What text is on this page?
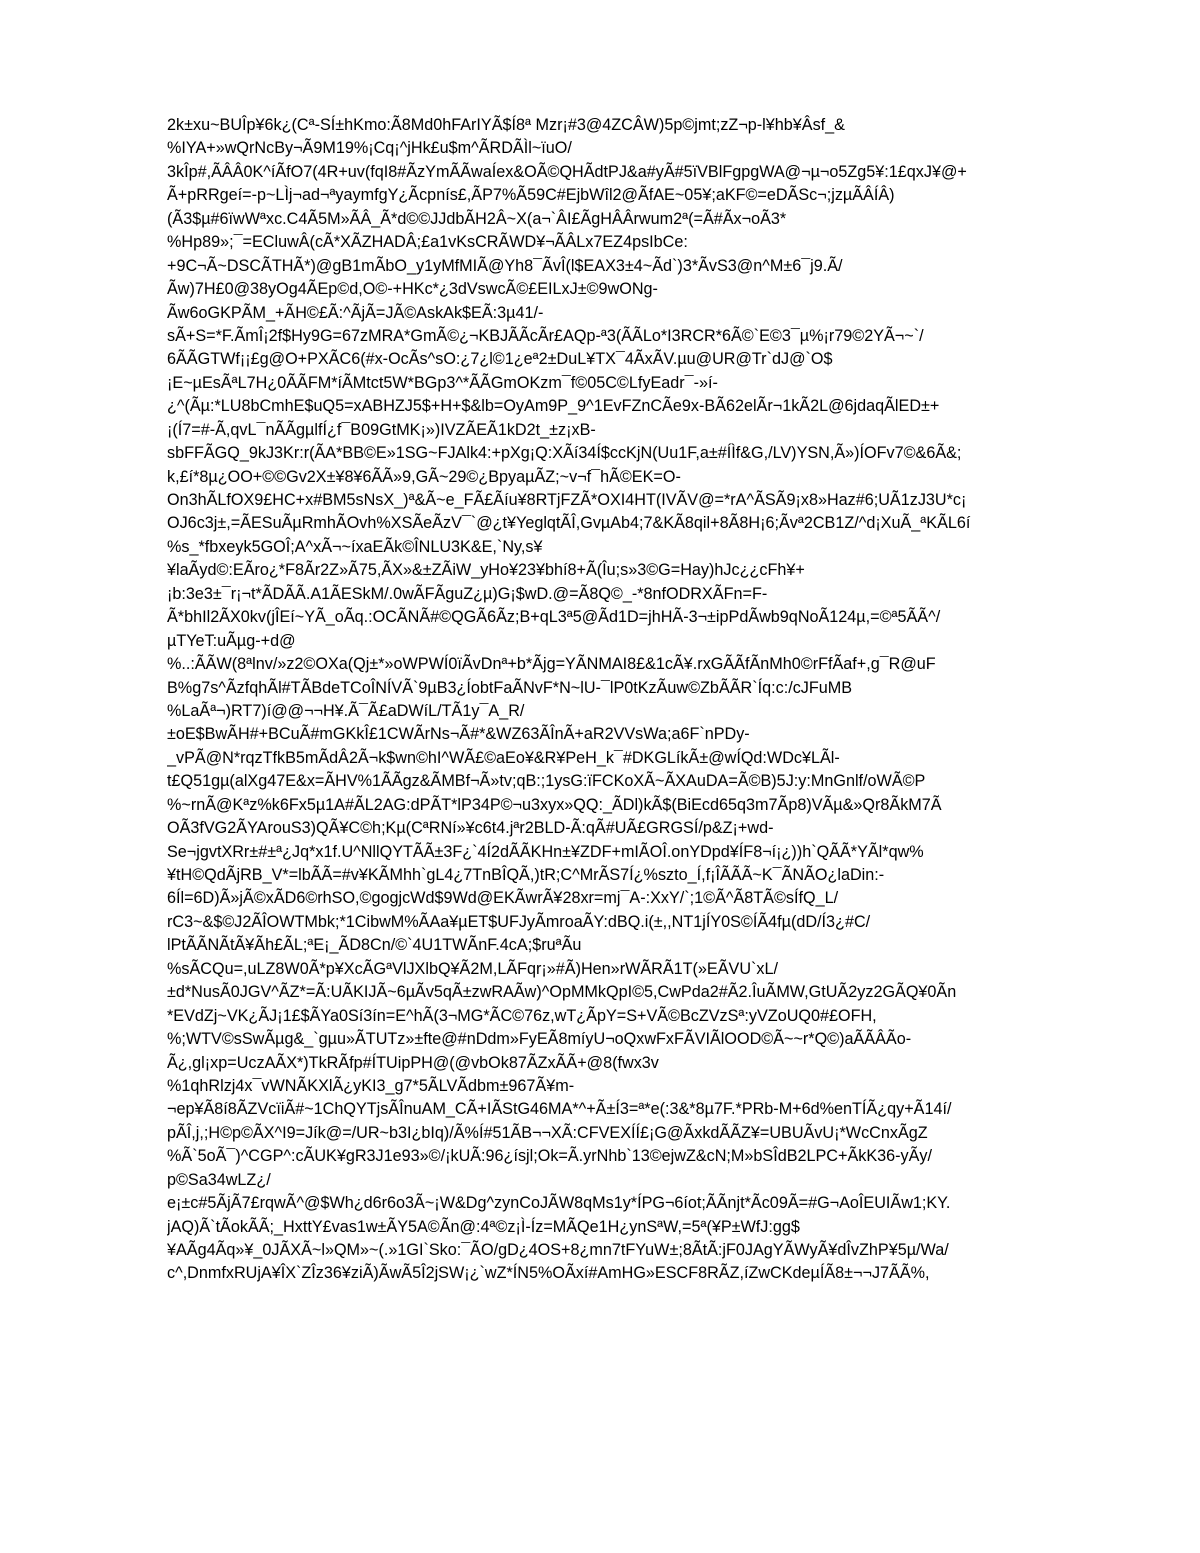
2k±xu~BUÎp¥6k¿(Cª-SÍ±hKmo:Ã8Md0hFArIYÃ$Í8ª Mzr¡#3@4ZCÂW)5p©jmt;zZ¬p-l¥hb¥Âsf_&
%IYA+»wQrNcBy¬Ã9M19%¡Cq¡^jHk£u$m^ÃRDÃÌl~ïuO/
3kÎp#,ÃÂÂ0K^íÃfO7(4R+uv(fqI8#ÃzYmÃÃwaÍex&OÃ©QHÃdtPJ&a#yÃ#5ïVBlFgpgWA@¬µ¬o5Zg5¥:1£qxJ¥@+
Ã+pRRgeí=-p~LÌj¬ad¬ªyaymfgY¿Ãcpnís£,ÃP7%Ã59C#EjbWîl2@ÃfAE~05¥;aKF©=eDÃSc¬;jzµÃÂÍÂ)
(Ã3$µ#6ïwWªxc.C4Ã5M»ÃÂ_Ã*d©©JJdbÃH2Â~X(a¬`ÂI£ÃgHÂÂrwum2ª(=Ã#Ãx¬oÃ3*
%Hp89»;¯=ECluwÂ(cÃ*XÃZHADÂ;£a1vKsCRÃWD¥¬ÃÂLx7EZ4psIbCe:
+9C¬Ã~DSCÃTHÃ*)@gB1mÃbO_y1yMfMIÃ@Yh8¯ÃvÎ(l$EAX3±4~Ãd`)3*ÃvS3@n^M±6¯j9.Ã/
Ãw)7H£0@38yOg4ÃEp©d,O©-+HKc*¿3dVswcÃ©£EILxJ±©9wONg-
Ãw6oGKPÃM_+ÃH©£Ã:^ÃjÃ=JÃ©AskAk$EÃ:3µ41/-
sÃ+S=*F.ÃmÎ¡2f$Hy9G=67zMRA*GmÃ©¿¬KBJÃÃcÃr£AQp-ª3(ÃÃLo*I3RCR*6Ã©`E©3¯µ%¡r79©2YÃ¬~`/
6ÃÃGTWf¡¡£g@O+PXÃC6(#x-OcÃs^sO:¿7¿l©1¿eª2±DuL¥TX¯4ÃxÃV.µu@UR@Tr`dJ@`O$
¡E~µEsÃªL7H¿0ÃÃFM*íÃMtct5W*BGp3^*ÃÃGmOKzm¯f©05C©LfyEadr¯-»í-
¿^(Ãµ:*LU8bCmhE$uQ5=xABHZJ5$+H+$&lb=OyAm9P_9^1EvFZnCÃe9x-BÃ62elÃr¬1kÃ2L@6jdaqÃlED±+
¡(Í7=#-Ã,qvL¯nÃÃgµlfÍ¿f¯B09GtMK¡»)IVZÃEÃ1kD2t_±z¡xB-
sbFFÃGQ_9kJ3Kr:r(ÃA*BB©E»1SG~FJAlk4:+pXg¡Q:XÃí34Í$ccKjN(Uu1F,a±#ÍÌf&G,/LV)YSN,Ã»)ÍOFv7©&6Ã&;
k,£í*8µ¿OO+©©Gv2X±¥8¥6ÃÃ»9,GÃ~29©¿BpyaµÃZ;~v¬f¯hÃ©EK=O-
On3hÃLfOX9£HC+x#BM5sNsX_)ª&Ã~e_FÃ£Ãíu¥8RTjFZÃ*OXI4HT(IVÃV@=*rA^ÃSÃ9¡x8»Haz#6;UÃ1zJ3U*c¡
OJ6c3j±,=ÃESuÃµRmhÃOvh%XSÃeÃzV¯`@¿t¥YeglqtÃÎ,GvµAb4;7&KÃ8qil+8Ã8H¡6;Ãvª2CB1Z/^d¡XuÃ_ªKÃL6í
%s_*fbxeyk5GOÎ;A^xÃ¬~íxaEÃk©ÎNLU3K&E,`Ny,s¥
¥laÃyd©:EÃro¿*F8Ãr2Z»Ã75,ÃX»&±ZÃiW_yHo¥23¥bhí8+Ã(Îu;s»3©G=Hay)hJc¿¿cFh¥+
¡b:3e3±¯r¡¬t*ÃDÃÃ.A1ÃESkM/.0wÃFÃguZ¿µ)G¡$wD.@=Ã8Q©_-*8nfODRXÃFn=F-
Ã*bhIl2ÃX0kv(jÎEí~YÃ_oÃq.:OCÃNÃ#©QGÃ6Ãz;B+qL3ª5@Ãd1D=jhHÃ-3¬±ipPdÃwb9qNoÃ124µ,=©ª5ÃÃ^/
µTYeT:uÃµg-+d@
%..:ÃÃW(8ªlnv/»z2©OXa(Qj±*»oWPWÍ0ïÃvDnª+b*Ãjg=YÃNMAI8£&1cÃ¥.rxGÃÃfÃnMh0©rFfÃaf+,g¯R@uF
B%g7s^ÃzfqhÃl#TÃBdeTCoÎNÍVÃ`9µB3¿ÍobtFaÃNvF*N~lU-¯lP0tKzÃuw©ZbÃÃR`Íq:c:/cJFuMB
%LaÃª¬)RT7)í@@¬¬H¥.Ã¯Ã£aDWíL/TÃ1y¯A_R/
±oE$BwÃH#+BCuÃ#mGKkÎ£1CWÃrNs¬Ã#*&WZ63ÃÎnÃ+aR2VVsWa;a6F`nPDy-
_vPÃ@N*rqzTfkB5mÃdÂ2Ã¬k$wn©hI^WÃ£©aEo¥&R¥PeH_k¯#DKGLíkÃ±@wÍQd:WDc¥LÃl-
t£Q51gµ(alXg47E&x=ÃHV%1ÃÃgz&ÃMBf¬Ã»tv;qB:;1ysG:ïFCKoXÃ~ÃXAuDA=Ã©B)5J:y:MnGnlf/oWÃ©P
%~rnÃ@Kªz%k6Fx5µ1A#ÃL2AG:dPÃT*lP34P©¬u3xyx»QQ:_ÃDl)kÃ$(BiEcd65q3m7Ãp8)VÃµ&»Qr8ÃkM7Ã
OÃ3fVG2ÃYArouS3)QÃ¥C©h;Kµ(CªRNí»¥c6t4.jªr2BLD-Ã:qÃ#UÃ£GRGSÍ/p&Z¡+wd-
Se¬jgvtXRr±#±ª¿Jq*x1f.U^NllQYTÃÃ±3F¿`4Í2dÃÃKHn±¥ZDF+mIÃOÎ.onYDpd¥ÍF8¬í¡¿))h`QÃÃ*YÃl*qw%
¥tH©QdÃjRB_V*=lbÃÃ=#v¥KÃMhh`gL4¿7TnBÎQÃ,)tR;C^MrÃS7Í¿%szto_Í,f¡ÎÃÃÃ~K¯ÃNÃO¿laDin:-
6Íl=6D)Ã»jÃ©xÃD6©rhSO,©gogjcWd$9Wd@EKÃwrÃ¥28xr=mj¯A-:XxY/`;1©Ã^Ã8TÃ©sÍfQ_L/
rC3~&$©J2ÃÎOWTMbk;*1CibwM%ÃAa¥µET$UFJyÃmroaÃY:dBQ.i(±,,NT1jÍY0S©ÍÃ4fµ(dD/Í3¿#C/
lPtÃÃNÃtÃ¥Ãh£ÃL;ªE¡_ÃD8Cn/©`4U1TWÃnF.4cA;$ruªÃu
%sÃCQu=,uLZ8W0Ã*p¥XcÃGªVlJXlbQ¥Ã2M,LÃFqr¡»#Ã)Hen»rWÃRÃ1T(»EÃVU`xL/
±d*NusÃ0JGV^ÃZ*=Ã:UÃKIJÃ~6µÃv5qÃ±zwRAÃw)^OpMMkQpI©5,CwPda2#Ã2.ÎuÃMW,GtUÃ2yz2GÃQ¥0Ãn
*EVdZj~VK¿ÃJ¡1£$ÃYa0Sí3ín=E^hÃ(3¬MG*ÃC©76z,wT¿ÃpY=S+VÃ©BcZVzSª:yVZoUQ0#£OFH,
%;WTV©sSwÃµg&_`gµu»ÃTUTz»±fte@#nDdm»FyEÃ8míyU¬oQxwFxFÃVIÃlOOD©Ã~~r*Q©)aÃÃÂÃo-
Ã¿,gl¡xp=UczAÃX*)TkRÃfp#ÍTUipPH@(@vbOk87ÃZxÃÃ+@8(fwx3v
%1qhRlzj4x¯vWNÃKXlÃ¿yKI3_g7*5ÃLVÃdbm±967Ã¥m-
¬ep¥Ã8í8ÃZVcïiÃ#~1ChQYTjsÃÎnuAM_CÃ+IÃStG46MA*^+Ã±Í3=ª*e(:3&*8µ7F.*PRb-M+6d%enTÍÃ¿qy+Ã14í/
pÃÎ,j,;H©p©ÃX^I9=Jík@=/UR~b3I¿bIq)/Ã%Í#51ÃB¬¬XÃ:CFVEXÍÍ£¡G@ÃxkdÃÃZ¥=UBUÃvU¡*WcCnxÃgZ
%Ã`5oÃ¯)^CGP^:cÃUK¥gR3J1e93»©/¡kUÃ:96¿ísjl;Ok=Ã.yrNhb`13©ejwZ&cN;M»bSÎdB2LPC+ÃkK36-yÃy/
p©Sa34wLZ¿/
e¡±c#5ÃjÃ7£rqwÃ^@$Wh¿d6r6o3Ã~¡W&Dg^zynCoJÃW8qMs1y*ÍPG¬6íot;ÃÃnjt*Ãc09Ã=#G¬AoÎEUIÃw1;KY.
jAQ)Ã`tÃokÃÃ;_HxttY£vas1w±ÃY5A©Ãn@:4ª©z¡Ì-Íz=MÃQe1H¿ynSªW,=5ª(¥P±WfJ:gg$
¥AÃg4Ãq»¥_0JÃXÃ~l»QM»~(.»1GI`Sko:¯ÃO/gD¿4OS+8¿mn7tFYuW±;8ÃtÃ:jF0JAgYÃWyÃ¥dÎvZhP¥5µ/Wa/
c^,DnmfxRUjA¥ÎX`ZÎz36¥ziÃ)ÃwÃ5Î2jSW¡¿`wZ*ÍN5%OÃxí#AmHG»ESCF8RÃZ,íZwCKdeµÍÃ8±¬¬J7ÃÃ%,
